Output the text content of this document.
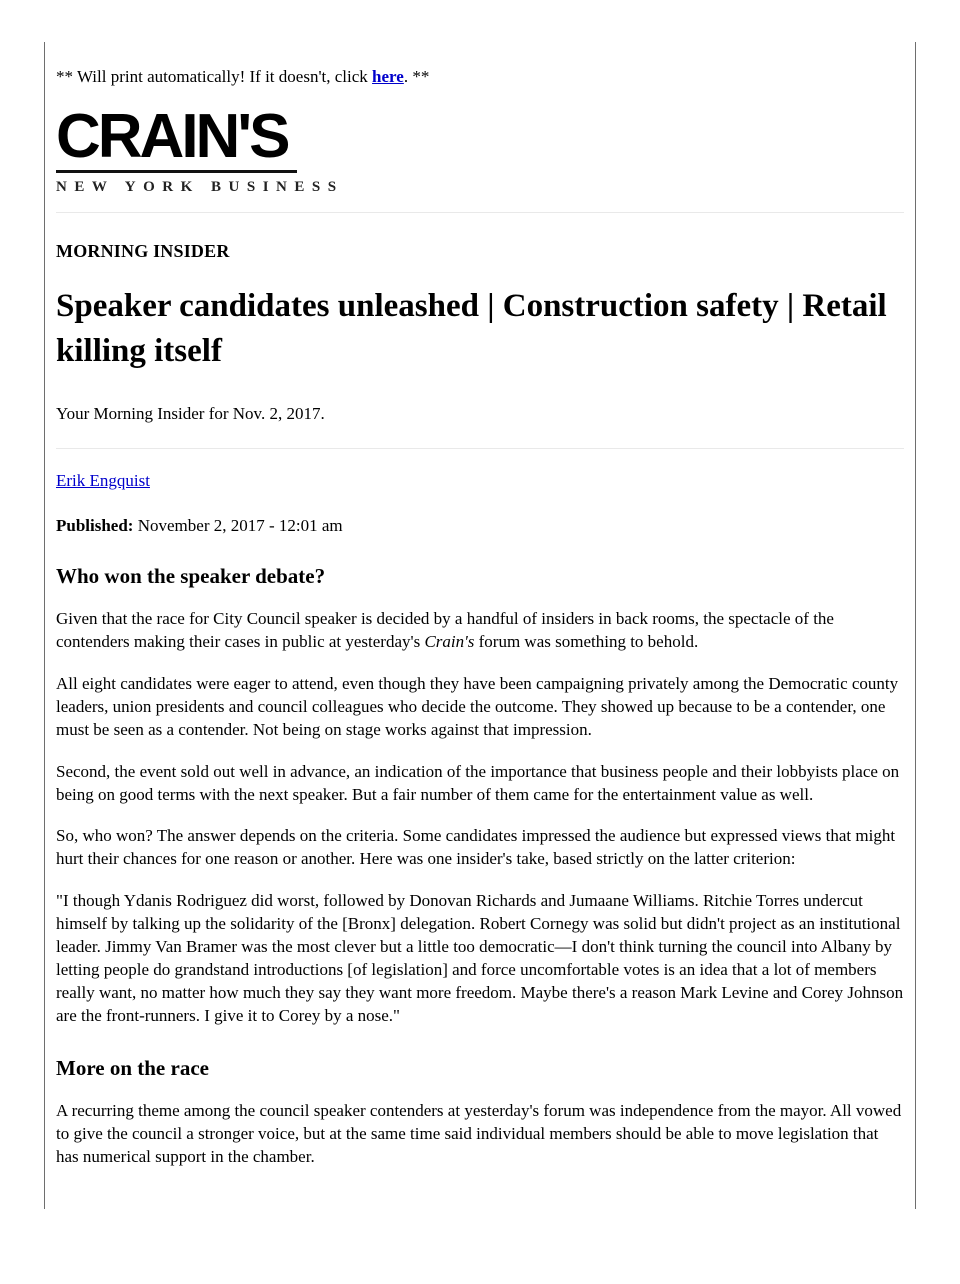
** Will print automatically! If it doesn't, click here. **

CRAIN'S
NEW YORK BUSINESS
MORNING INSIDER
Speaker candidates unleashed | Construction safety | Retail killing itself

Your Morning Insider for Nov. 2, 2017.

Erik Engquist

Published: November 2, 2017 - 12:01 am

Who won the speaker debate?

Given that the race for City Council speaker is decided by a handful of insiders in back rooms, the spectacle of the contenders making their cases in public at yesterday's Crain's forum was something to behold.

All eight candidates were eager to attend, even though they have been campaigning privately among the Democratic county leaders, union presidents and council colleagues who decide the outcome. They showed up because to be a contender, one must be seen as a contender. Not being on stage works against that impression.

Second, the event sold out well in advance, an indication of the importance that business people and their lobbyists place on being on good terms with the next speaker. But a fair number of them came for the entertainment value as well.

So, who won? The answer depends on the criteria. Some candidates impressed the audience but expressed views that might hurt their chances for one reason or another. Here was one insider's take, based strictly on the latter criterion:

"I though Ydanis Rodriguez did worst, followed by Donovan Richards and Jumaane Williams. Ritchie Torres undercut himself by talking up the solidarity of the [Bronx] delegation. Robert Cornegy was solid but didn't project as an institutional leader. Jimmy Van Bramer was the most clever but a little too democratic—I don't think turning the council into Albany by letting people do grandstand introductions [of legislation] and force uncomfortable votes is an idea that a lot of members really want, no matter how much they say they want more freedom. Maybe there's a reason Mark Levine and Corey Johnson are the front-runners. I give it to Corey by a nose."

More on the race

A recurring theme among the council speaker contenders at yesterday's forum was independence from the mayor. All vowed to give the council a stronger voice, but at the same time said individual members should be able to move legislation that has numerical support in the chamber.
